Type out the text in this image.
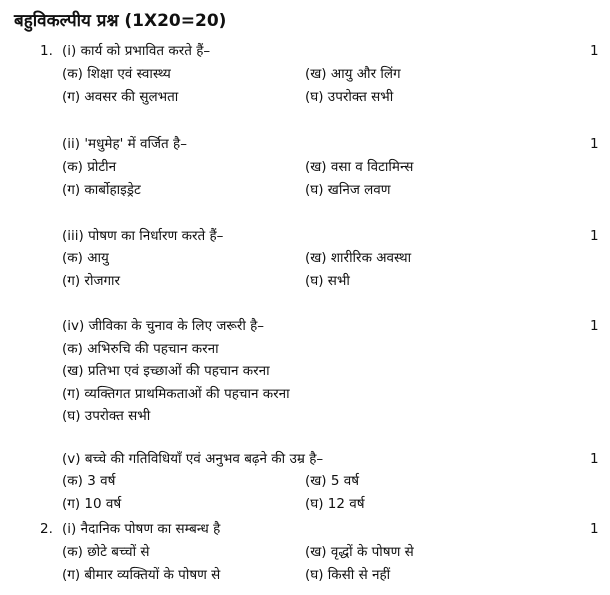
बहुविकल्पीय प्रश्न (1X20=20)
1. (i) कार्य को प्रभावित करते हैं–	1
(क) शिक्षा एवं स्वास्थ्य	(ख) आयु और लिंग
(ग) अवसर की सुलभता	(घ) उपरोक्त सभी
(ii) 'मधुमेह' में वर्जित है–	1
(क) प्रोटीन	(ख) वसा व विटामिन्स
(ग) कार्बोहाइड्रेट	(घ) खनिज लवण
(iii) पोषण का निर्धारण करते हैं–	1
(क) आयु	(ख) शारीरिक अवस्था
(ग) रोजगार	(घ) सभी
(iv) जीविका के चुनाव के लिए जरूरी है–	1
(क) अभिरुचि की पहचान करना
(ख) प्रतिभा एवं इच्छाओं की पहचान करना
(ग) व्यक्तिगत प्राथमिकताओं की पहचान करना
(घ) उपरोक्त सभी
(v) बच्चे की गतिविधियाँ एवं अनुभव बढ़ने की उम्र है–	1
(क) 3 वर्ष	(ख) 5 वर्ष
(ग) 10 वर्ष	(घ) 12 वर्ष
2. (i) नैदानिक पोषण का सम्बन्ध है	1
(क) छोटे बच्चों से	(ख) वृद्धों के पोषण से
(ग) बीमार व्यक्तियों के पोषण से	(घ) किसी से नहीं
